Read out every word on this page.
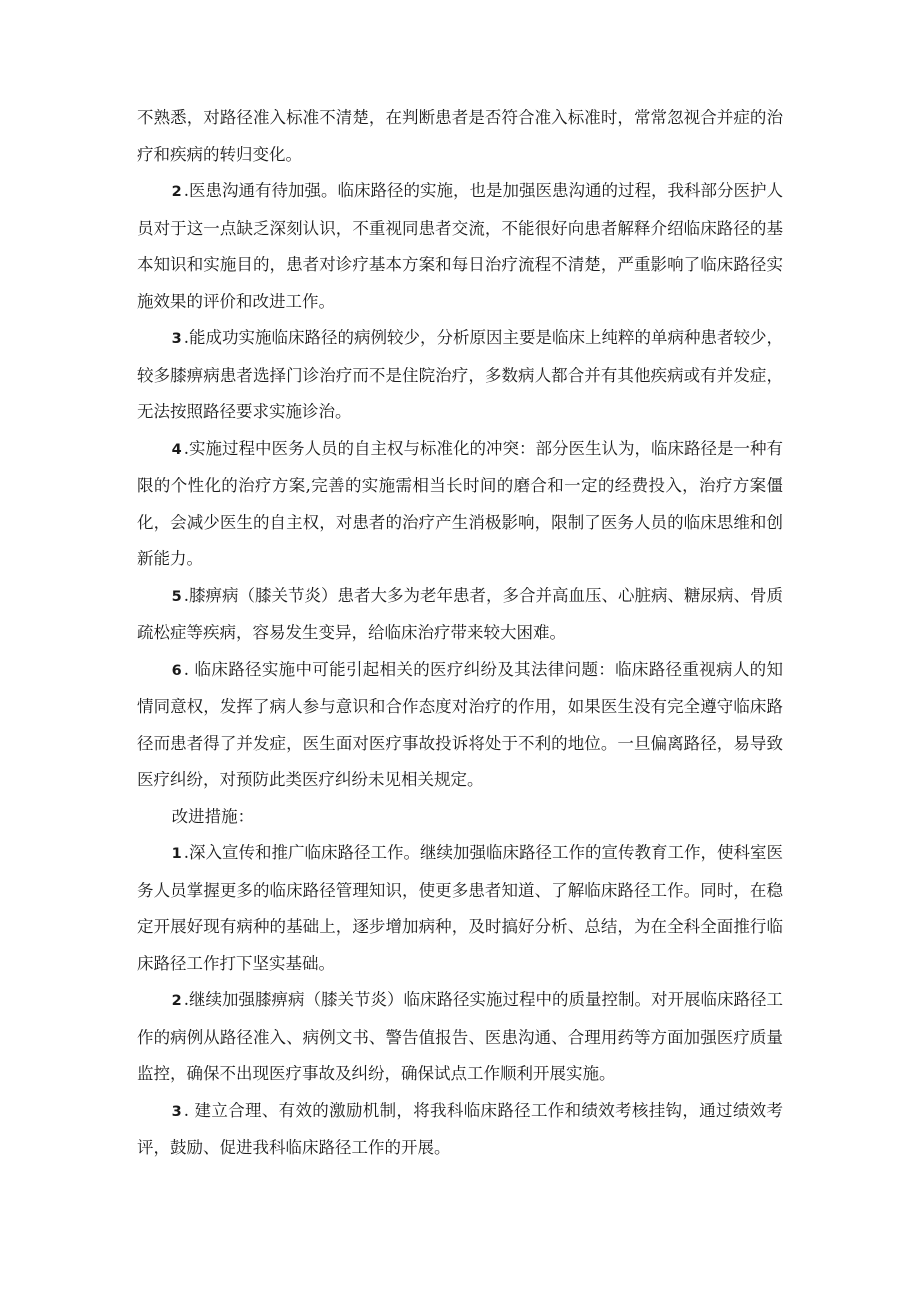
不熟悉，对路径准入标准不清楚，在判断患者是否符合准入标准时，常常忽视合并症的治疗和疾病的转归变化。

2 .医患沟通有待加强。临床路径的实施，也是加强医患沟通的过程，我科部分医护人员对于这一点缺乏深刻认识，不重视同患者交流，不能很好向患者解释介绍临床路径的基本知识和实施目的，患者对诊疗基本方案和每日治疗流程不清楚，严重影响了临床路径实施效果的评价和改进工作。

3 .能成功实施临床路径的病例较少，分析原因主要是临床上纯粹的单病种患者较少，较多膝痹病患者选择门诊治疗而不是住院治疗，多数病人都合并有其他疾病或有并发症，无法按照路径要求实施诊治。

4 .实施过程中医务人员的自主权与标准化的冲突：部分医生认为，临床路径是一种有限的个性化的治疗方案,完善的实施需相当长时间的磨合和一定的经费投入，治疗方案僵化，会减少医生的自主权，对患者的治疗产生消极影响，限制了医务人员的临床思维和创新能力。

5 .膝痹病（膝关节炎）患者大多为老年患者，多合并高血压、心脏病、糖尿病、骨质疏松症等疾病，容易发生变异，给临床治疗带来较大困难。

6 . 临床路径实施中可能引起相关的医疗纠纷及其法律问题：临床路径重视病人的知情同意权，发挥了病人参与意识和合作态度对治疗的作用，如果医生没有完全遵守临床路径而患者得了并发症，医生面对医疗事故投诉将处于不利的地位。一旦偏离路径，易导致医疗纠纷，对预防此类医疗纠纷未见相关规定。

改进措施：

1 .深入宣传和推广临床路径工作。继续加强临床路径工作的宣传教育工作，使科室医务人员掌握更多的临床路径管理知识，使更多患者知道、了解临床路径工作。同时，在稳定开展好现有病种的基础上，逐步增加病种，及时搞好分析、总结，为在全科全面推行临床路径工作打下坚实基础。

2 .继续加强膝痹病（膝关节炎）临床路径实施过程中的质量控制。对开展临床路径工作的病例从路径准入、病例文书、警告值报告、医患沟通、合理用药等方面加强医疗质量监控，确保不出现医疗事故及纠纷，确保试点工作顺利开展实施。

3 . 建立合理、有效的激励机制，将我科临床路径工作和绩效考核挂钩，通过绩效考评，鼓励、促进我科临床路径工作的开展。
